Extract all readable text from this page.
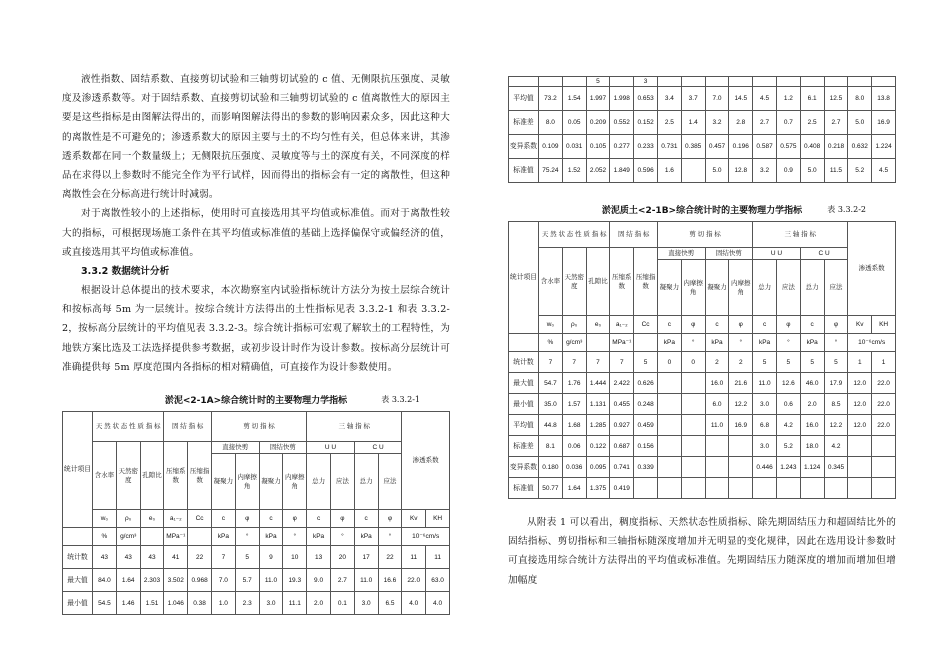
液性指数、固结系数、直接剪切试验和三轴剪切试验的 c 值、无侧限抗压强度、灵敏度及渗透系数等。对于固结系数、直接剪切试验和三轴剪切试验的 c 值离散性大的原因主要是这些指标是由图解法得出的，而影响图解法得出的参数的影响因素众多，因此这种大的离散性是不可避免的；渗透系数大的原因主要与土的不均匀性有关，但总体来讲，其渗透系数都在同一个数量级上；无侧限抗压强度、灵敏度等与土的深度有关，不同深度的样品在求得以上参数时不能完全作为平行试样，因而得出的指标会有一定的离散性，但这种离散性会在分标高进行统计时减弱。

对于离散性较小的上述指标，使用时可直接选用其平均值或标准值。而对于离散性较大的指标，可根据现场施工条件在其平均值或标准值的基础上选择偏保守或偏经济的值，或直接选用其平均值或标准值。

3.3.2 数据统计分析

根据设计总体提出的技术要求，本次勘察室内试验指标统计方法分为按土层综合统计和按标高每 5m 为一层统计。按综合统计方法得出的土性指标见表 3.3.2-1 和表 3.3.2-2，按标高分层统计的平均值见表 3.3.2-3。综合统计指标可宏观了解软土的工程特性，为地铁方案比选及工法选择提供参考数据，或初步设计时作为设计参数。按标高分层统计可准确提供每 5m 厚度范围内各指标的相对精确值，可直接作为设计参数使用。

淤泥<2-1A>综合统计时的主要物理力学指标	表 3.3.2-1
统计项目	天 然 状 态 性 质 指 标			固 结 指 标		剪 切 指 标				三 轴 指 标				渗透系数	
	含水率	天然密度	孔隙比	压缩系数	压缩指数	直接快剪		固结快剪		U U		C U			
						凝聚力	内摩擦角	凝聚力	内摩擦角	总力	应法	总力	应法		
	w₀	ρ₀	e₀	a₁₋₂	Cc	c	φ	c	φ	c	φ	c	φ	Kv	KH
	%	g/cm³		MPa⁻¹		kPa	°	kPa	°	kPa	°	kPa	°	10⁻⁶cm/s	
统计数	43	43	43	41	22	7	5	9	10	13	20	17	22	11	11
最大值	84.0	1.64	2.303	3.502	0.968	7.0	5.7	11.0	19.3	9.0	2.7	11.0	16.6	22.0	63.0
最小值	54.5	1.46	1.51	1.046	0.38	1.0	2.3	3.0	11.1	2.0	0.1	3.0	6.5	4.0	4.0
			5		3										
平均值	73.2	1.54	1.997	1.998	0.653	3.4	3.7	7.0	14.5	4.5	1.2	6.1	12.5	8.0	13.8
标准差	8.0	0.05	0.209	0.552	0.152	2.5	1.4	3.2	2.8	2.7	0.7	2.5	2.7	5.0	16.9
变异系数	0.109	0.031	0.105	0.277	0.233	0.731	0.385	0.457	0.196	0.587	0.575	0.408	0.218	0.632	1.224
标准值	75.24	1.52	2.052	1.849	0.596	1.6		5.0	12.8	3.2	0.9	5.0	11.5	5.2	4.5
淤泥质土<2-1B>综合统计时的主要物理力学指标	表 3.3.2-2
统计项目	天 然 状 态 性 质 指 标			固 结 指 标		剪 切 指 标				三 轴 指 标				渗透系数	
	含水率	天然密度	孔隙比	压缩系数	压缩指数	直接快剪		固结快剪		U U		C U			
						凝聚力	内摩擦角	凝聚力	内摩擦角	总力	应法	总力	应法		
	w₀	ρ₀	e₀	a₁₋₂	Cc	c	φ	c	φ	c	φ	c	φ	Kv	KH
	%	g/cm³		MPa⁻¹		kPa	°	kPa	°	kPa	°	kPa	°	10⁻⁶cm/s	
统计数	7	7	7	7	5	0	0	2	2	5	5	5	5	1	1
最大值	54.7	1.76	1.444	2.422	0.626			16.0	21.6	11.0	12.6	46.0	17.9	12.0	22.0
最小值	35.0	1.57	1.131	0.455	0.248			6.0	12.2	3.0	0.6	2.0	8.5	12.0	22.0
平均值	44.8	1.68	1.285	0.927	0.459			11.0	16.9	6.8	4.2	16.0	12.2	12.0	22.0
标准差	8.1	0.06	0.122	0.687	0.156					3.0	5.2	18.0	4.2		
变异系数	0.180	0.036	0.095	0.741	0.339					0.446	1.243	1.124	0.345		
标准值	50.77	1.64	1.375	0.419											

从附表 1 可以看出，稠度指标、天然状态性质指标、除先期固结压力和超固结比外的固结指标、剪切指标和三轴指标随深度增加并无明显的变化规律，因此在选用设计参数时可直接选用综合统计方法得出的平均值或标准值。先期固结压力随深度的增加而增加但增加幅度
